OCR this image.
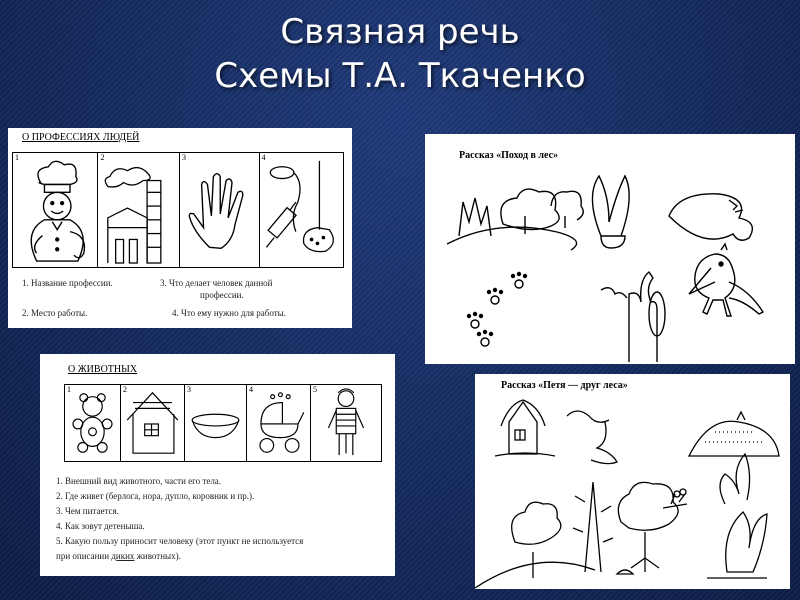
Связная речь
Схемы Т.А. Ткаченко
О ПРОФЕССИЯХ ЛЮДЕЙ
1	2	3	4
1. Название профессии.	3. Что делает человек данной
профессии.
2. Место работы.	4. Что ему нужно для работы.
Рассказ «Поход в лес»
О ЖИВОТНЫХ
1	2	3	4	5
1. Внешний вид животного, части его тела.
2. Где живет (берлога, нора, дупло, коровник и пр.).
3. Чем питается.
4. Как зовут детеныша.
5. Какую пользу приносит человеку (этот пункт не используется
при описании диких животных).
Рассказ «Петя — друг леса»
